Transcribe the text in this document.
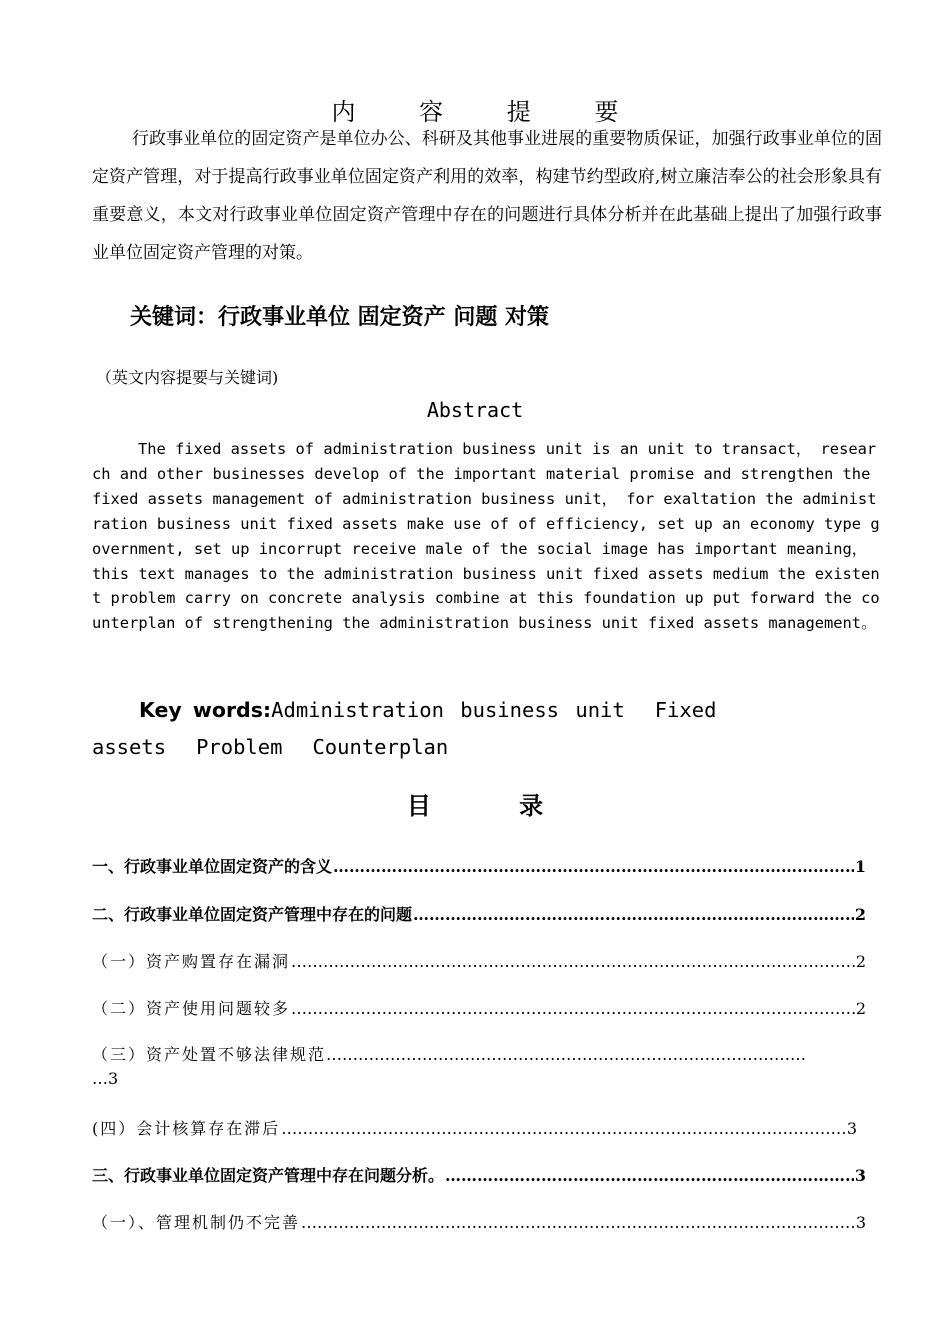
内 容 提 要
行政事业单位的固定资产是单位办公、科研及其他事业进展的重要物质保证，加强行政事业单位的固定资产管理，对于提高行政事业单位固定资产利用的效率，构建节约型政府,树立廉洁奉公的社会形象具有重要意义，本文对行政事业单位固定资产管理中存在的问题进行具体分析并在此基础上提出了加强行政事业单位固定资产管理的对策。
关键词：行政事业单位 固定资产 问题 对策
（英文内容提要与关键词)
Abstract
The fixed assets of administration business unit is an unit to transact， research and other businesses develop of the important material promise and strengthen the fixed assets management of administration business unit， for exaltation the administration business unit fixed assets make use of of efficiency, set up an economy type government, set up incorrupt receive male of the social image has important meaning， this text manages to the administration business unit fixed assets medium the existent problem carry on concrete analysis combine at this foundation up put forward the counterplan of strengthening the administration business unit fixed assets management。
Key words:Administration business unit Fixed assets Problem Counterplan
目 录
一、行政事业单位固定资产的含义 ……………………………………………………………………………………………………………………………………………………………………………………………………	1
二、行政事业单位固定资产管理中存在的问题 ……………………………………………………………………………………………………………………………………………………………………………………………………	2
（一）资产购置存在漏洞 ……………………………………………………………………………………………………………………………………………………………………………………………………	2
（二）资产使用问题较多 ……………………………………………………………………………………………………………………………………………………………………………………………………	2
（三）资产处置不够法律规范………………………………………………………………………………
…3
(四）会计核算存在滞后 ……………………………………………………………………………………………………………………………………………………………………………………………………	3
三、行政事业单位固定资产管理中存在问题分析。 ……………………………………………………………………………………………………………………………………………………………………………………………………	3
（一）、管理机制仍不完善 ……………………………………………………………………………………………………………………………………………………………………………………………………	3
